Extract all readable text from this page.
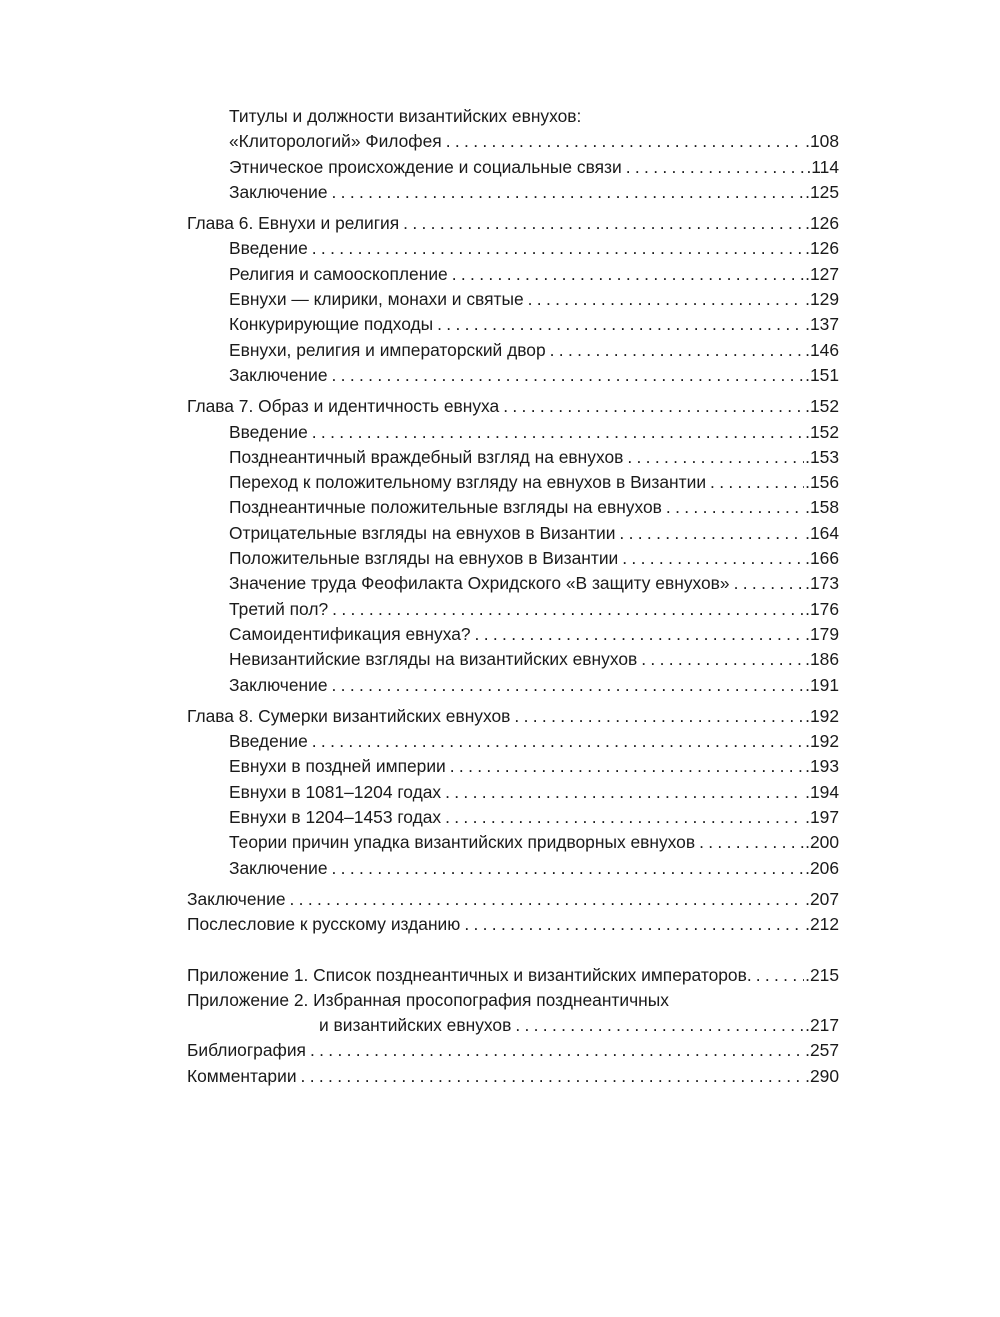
Титулы и должности византийских евнухов:
«Клиторологий» Филофея . . .	.108
Этническое происхождение и социальные связи . . .	.114
Заключение . . .	.125
Глава 6. Евнухи и религия . . .	.126
Введение . . .	.126
Религия и самооскопление . . .	.127
Евнухи — клирики, монахи и святые . . .	.129
Конкурирующие подходы . . .	.137
Евнухи, религия и императорский двор . . .	.146
Заключение . . .	.151
Глава 7. Образ и идентичность евнуха . . .	.152
Введение . . .	.152
Позднеантичный враждебный взгляд на евнухов . . .	.153
Переход к положительному взгляду на евнухов в Византии . . .	.156
Позднеантичные положительные взгляды на евнухов . . .	.158
Отрицательные взгляды на евнухов в Византии . . .	.164
Положительные взгляды на евнухов в Византии . . .	.166
Значение труда Феофилакта Охридского «В защиту евнухов» . . .	.173
Третий пол? . . .	.176
Самоидентификация евнуха? . . .	.179
Невизантийские взгляды на византийских евнухов . . .	.186
Заключение . . .	.191
Глава 8. Сумерки византийских евнухов . . .	.192
Введение . . .	.192
Евнухи в поздней империи . . .	.193
Евнухи в 1081–1204 годах . . .	.194
Евнухи в 1204–1453 годах . . .	.197
Теории причин упадка византийских придворных евнухов . . .	.200
Заключение . . .	.206
Заключение . . .	.207
Послесловие к русскому изданию . . .	.212
Приложение 1. Список позднеантичных и византийских императоров. . . .	.215
Приложение 2. Избранная просопография позднеантичных
и византийских евнухов . . .	.217
Библиография . . .	.257
Комментарии . . .	.290
